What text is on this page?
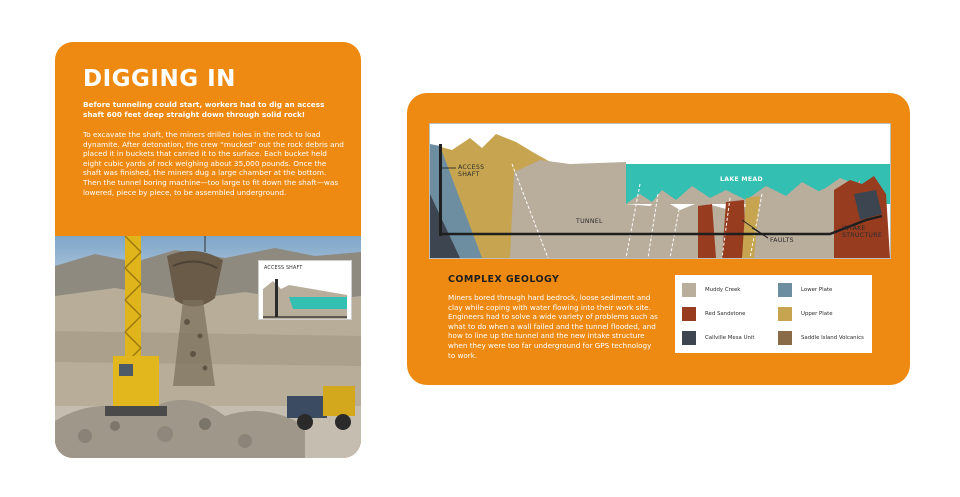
DIGGING IN

Before tunneling could start, workers had to dig an access shaft 600 feet deep straight down through solid rock!

To excavate the shaft, the miners drilled holes in the rock to load dynamite. After detonation, the crew “mucked” out the rock debris and placed it in buckets that carried it to the surface. Each bucket held eight cubic yards of rock weighing about 35,000 pounds. Once the shaft was finished, the miners dug a large chamber at the bottom. Then the tunnel boring machine—too large to fit down the shaft—was lowered, piece by piece, to be assembled underground.

ACCESS SHAFT
ACCESS
SHAFT
LAKE MEAD
TUNNEL
FAULTS
INTAKE
STRUCTURE
COMPLEX GEOLOGY

Miners bored through hard bedrock, loose sediment and clay while coping with water flowing into their work site. Engineers had to solve a wide variety of problems such as what to do when a wall failed and the tunnel flooded, and how to line up the tunnel and the new intake structure when they were too far underground for GPS technology to work.

Muddy Creek	Lower Plate
Red Sandstone	Upper Plate
Callville Mesa Unit	Saddle Island Volcanics
